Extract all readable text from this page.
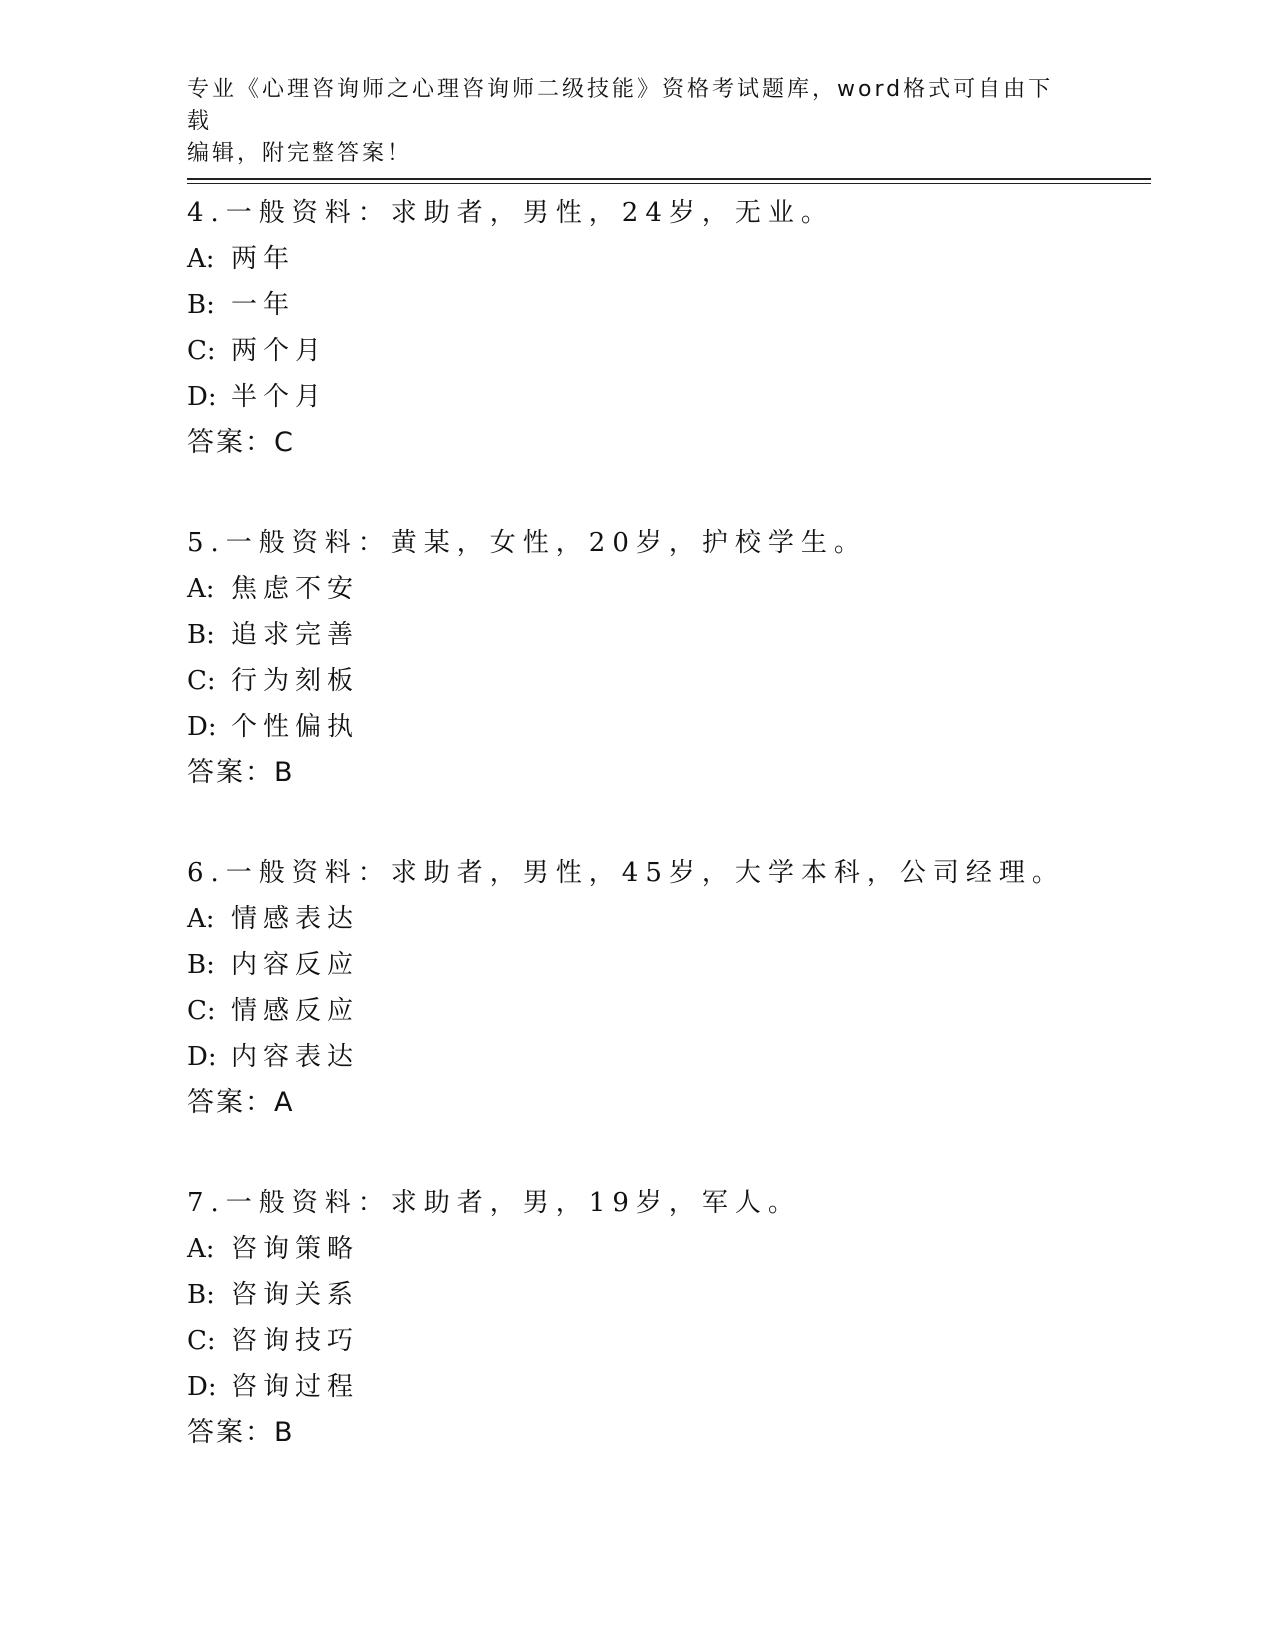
专业《心理咨询师之心理咨询师二级技能》资格考试题库，word格式可自由下载
编辑，附完整答案！
4.一般资料：求助者，男性，24岁，无业。
A: 两年
B: 一年
C: 两个月
D: 半个月
答案：C
5.一般资料：黄某，女性，20岁，护校学生。
A: 焦虑不安
B: 追求完善
C: 行为刻板
D: 个性偏执
答案：B
6.一般资料：求助者，男性，45岁，大学本科，公司经理。
A: 情感表达
B: 内容反应
C: 情感反应
D: 内容表达
答案：A
7.一般资料：求助者，男，19岁，军人。
A: 咨询策略
B: 咨询关系
C: 咨询技巧
D: 咨询过程
答案：B
